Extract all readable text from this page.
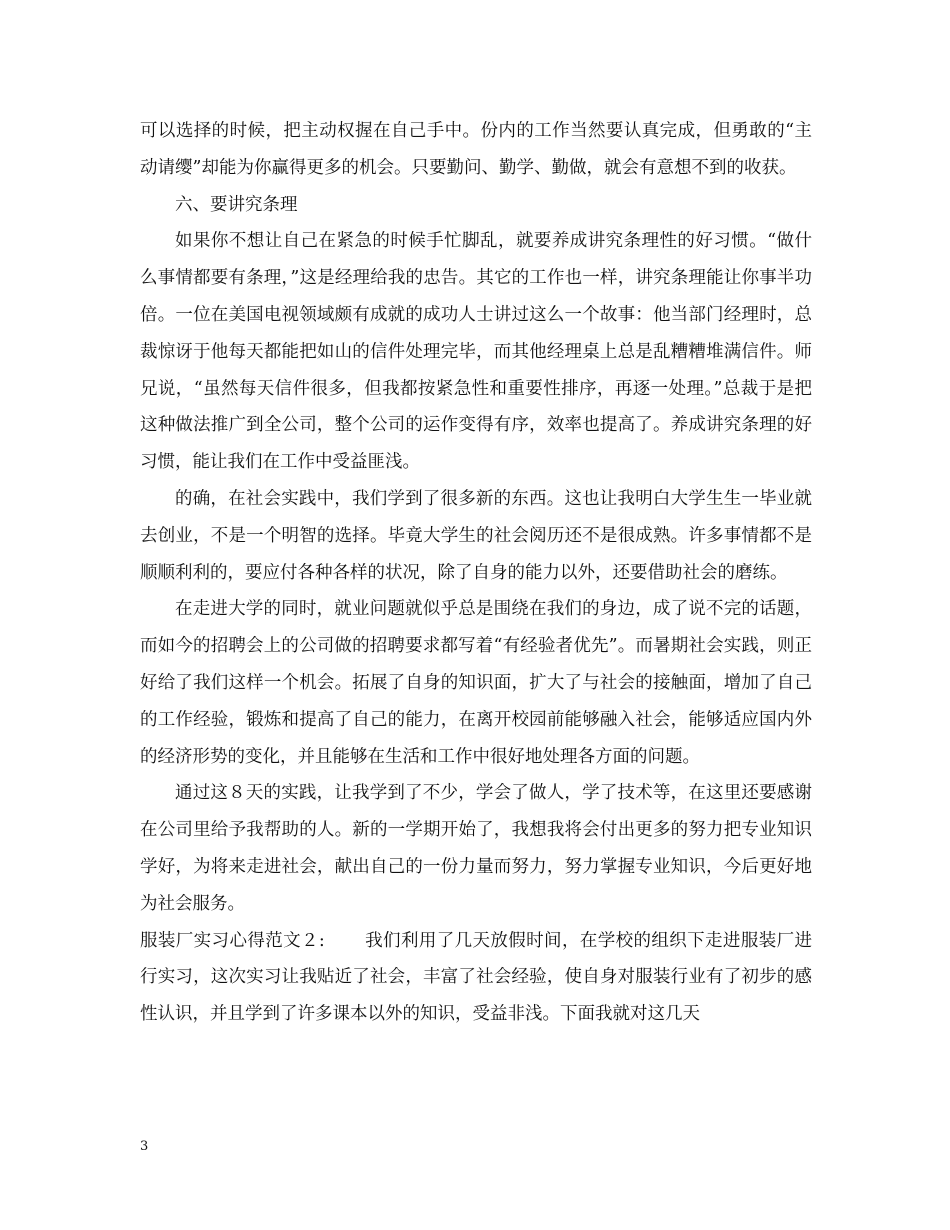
可以选择的时候，把主动权握在自己手中。份内的工作当然要认真完成，但勇敢的“主动请缨”却能为你赢得更多的机会。只要勤问、勤学、勤做，就会有意想不到的收获。

六、要讲究条理

如果你不想让自己在紧急的时候手忙脚乱，就要养成讲究条理性的好习惯。“做什么事情都要有条理，”这是经理给我的忠告。其它的工作也一样，讲究条理能让你事半功倍。一位在美国电视领域颇有成就的成功人士讲过这么一个故事：他当部门经理时，总裁惊讶于他每天都能把如山的信件处理完毕，而其他经理桌上总是乱糟糟堆满信件。师兄说，“虽然每天信件很多，但我都按紧急性和重要性排序，再逐一处理。”总裁于是把这种做法推广到全公司，整个公司的运作变得有序，效率也提高了。养成讲究条理的好习惯，能让我们在工作中受益匪浅。

的确，在社会实践中，我们学到了很多新的东西。这也让我明白大学生生一毕业就去创业，不是一个明智的选择。毕竟大学生的社会阅历还不是很成熟。许多事情都不是顺顺利利的，要应付各种各样的状况，除了自身的能力以外，还要借助社会的磨练。

在走进大学的同时，就业问题就似乎总是围绕在我们的身边，成了说不完的话题，而如今的招聘会上的公司做的招聘要求都写着“有经验者优先”。而暑期社会实践，则正好给了我们这样一个机会。拓展了自身的知识面，扩大了与社会的接触面，增加了自己的工作经验，锻炼和提高了自己的能力，在离开校园前能够融入社会，能够适应国内外的经济形势的变化，并且能够在生活和工作中很好地处理各方面的问题。

通过这８天的实践，让我学到了不少，学会了做人，学了技术等，在这里还要感谢在公司里给予我帮助的人。新的一学期开始了，我想我将会付出更多的努力把专业知识学好，为将来走进社会，献出自己的一份力量而努力，努力掌握专业知识，今后更好地为社会服务。

服装厂实习心得范文２: 我们利用了几天放假时间，在学校的组织下走进服装厂进行实习，这次实习让我贴近了社会，丰富了社会经验，使自身对服装行业有了初步的感性认识，并且学到了许多课本以外的知识，受益非浅。下面我就对这几天

3
